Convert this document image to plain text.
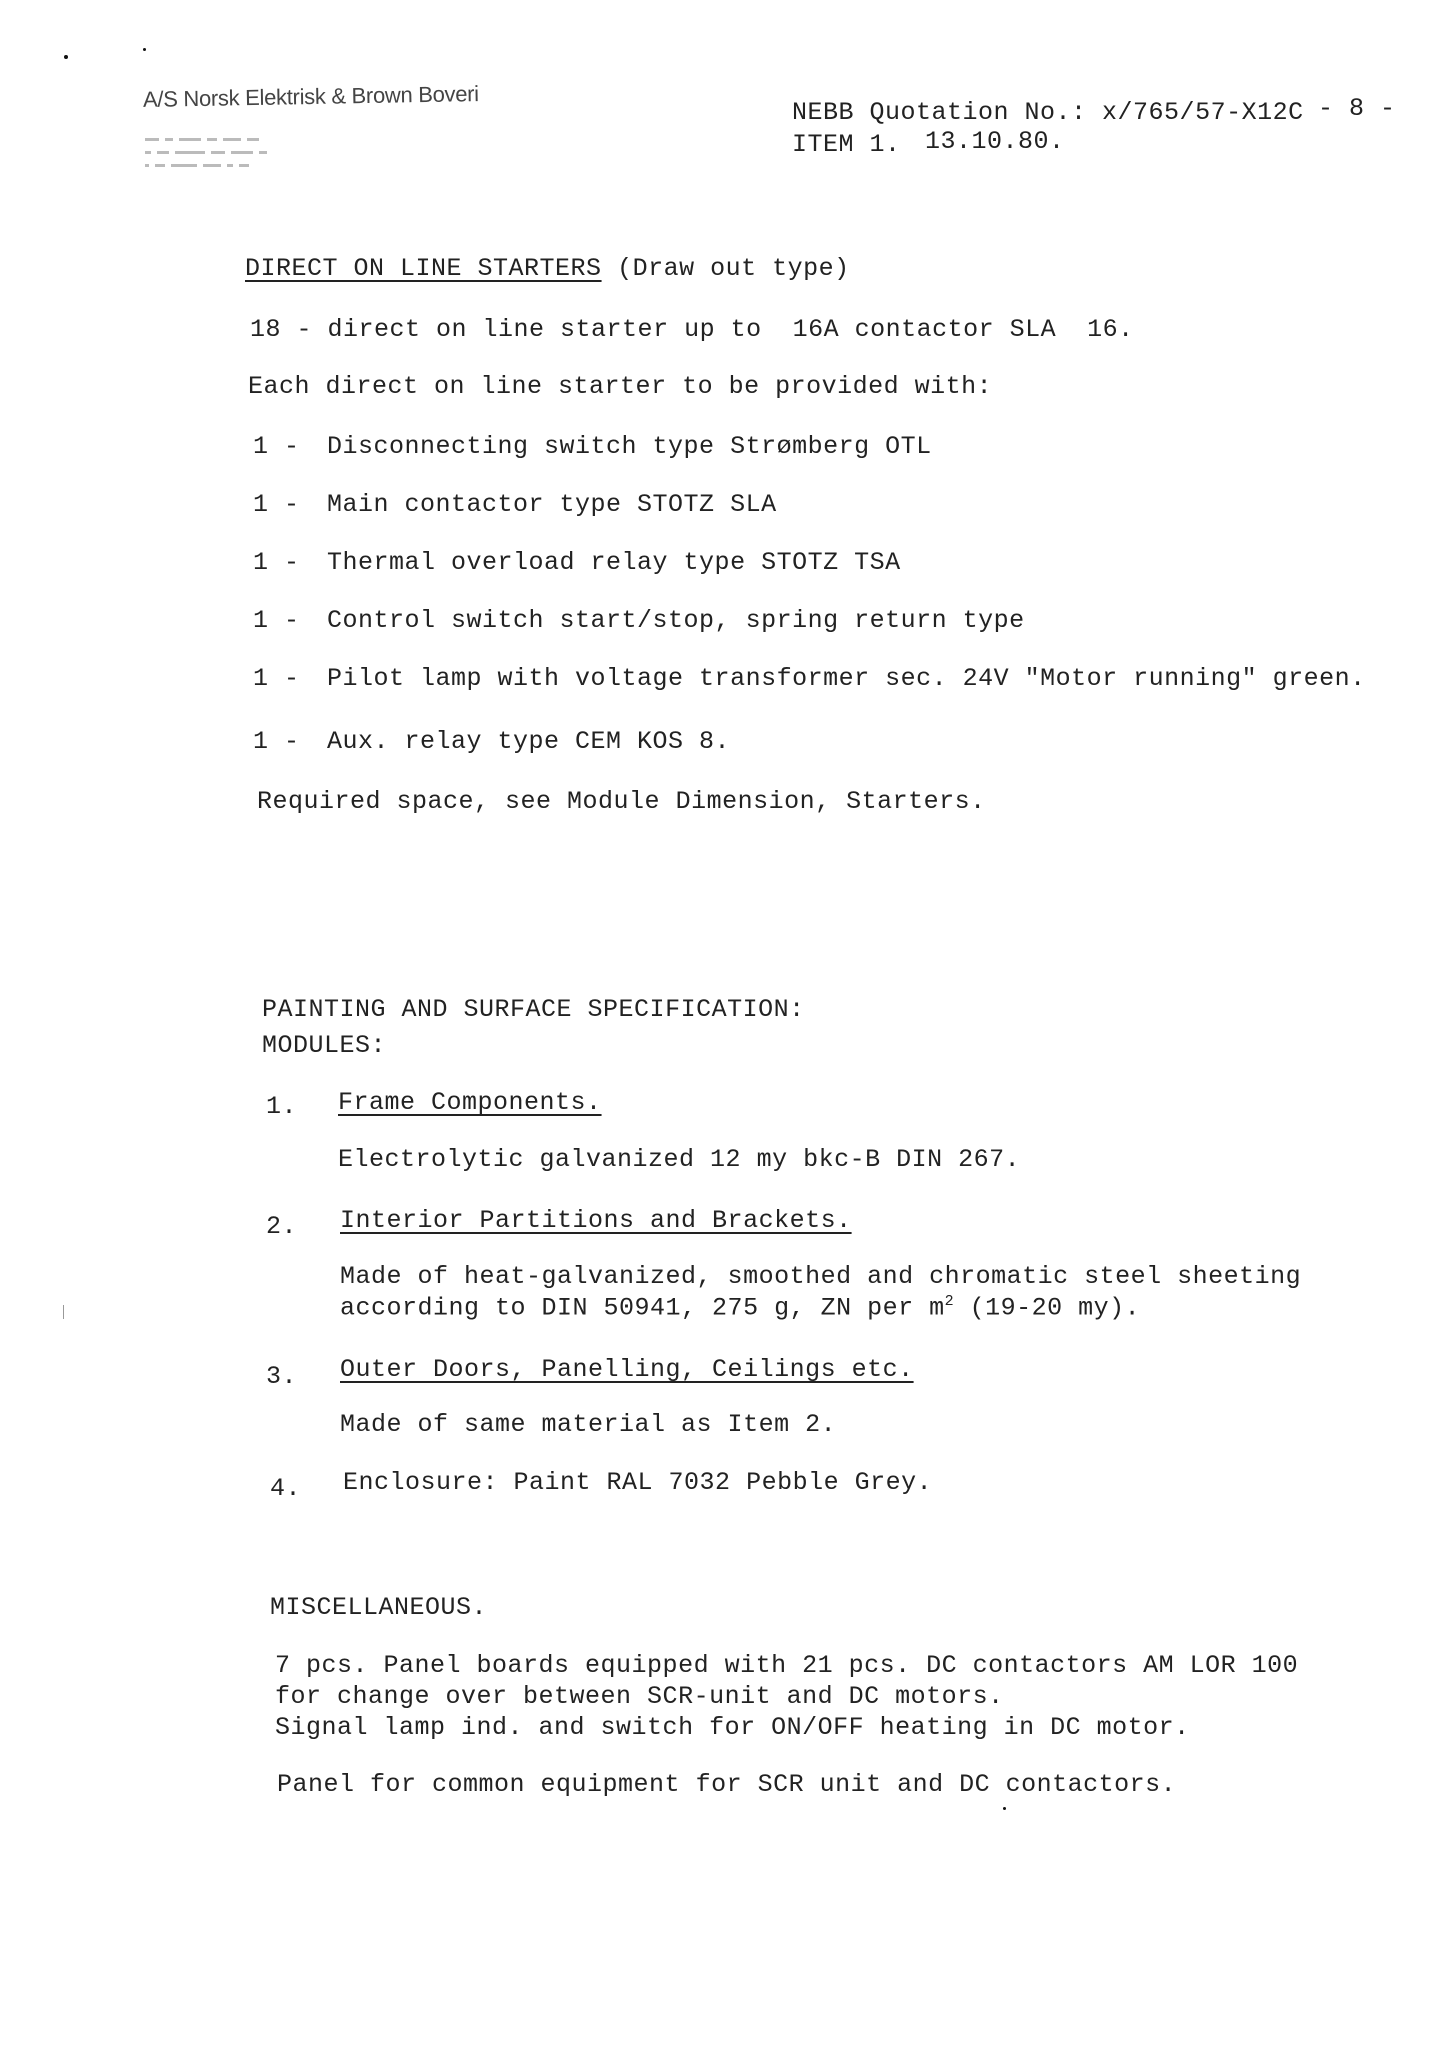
A/S Norsk Elektrisk & Brown Boveri
NEBB Quotation No.: x/765/57-X12C - 8 -
ITEM 1. 13.10.80.
DIRECT ON LINE STARTERS (Draw out type)
18 - direct on line starter up to  16A contactor SLA  16.
Each direct on line starter to be provided with:
1 - Disconnecting switch type Strømberg OTL
1 - Main contactor type STOTZ SLA
1 - Thermal overload relay type STOTZ TSA
1 - Control switch start/stop, spring return type
1 - Pilot lamp with voltage transformer sec. 24V "Motor running" green.
1 - Aux. relay type CEM KOS 8.
Required space, see Module Dimension, Starters.
PAINTING AND SURFACE SPECIFICATION:
MODULES:
1. Frame Components.
Electrolytic galvanized 12 my bkc-B DIN 267.
2. Interior Partitions and Brackets.
Made of heat-galvanized, smoothed and chromatic steel sheeting
according to DIN 50941, 275 g, ZN per $m^2$ (19-20 my).
3. Outer Doors, Panelling, Ceilings etc.
Made of same material as Item 2.
4. Enclosure: Paint RAL 7032 Pebble Grey.
MISCELLANEOUS.
7 pcs. Panel boards equipped with 21 pcs. DC contactors AM LOR 100
for change over between SCR-unit and DC motors.
Signal lamp ind. and switch for ON/OFF heating in DC motor.
Panel for common equipment for SCR unit and DC contactors.
